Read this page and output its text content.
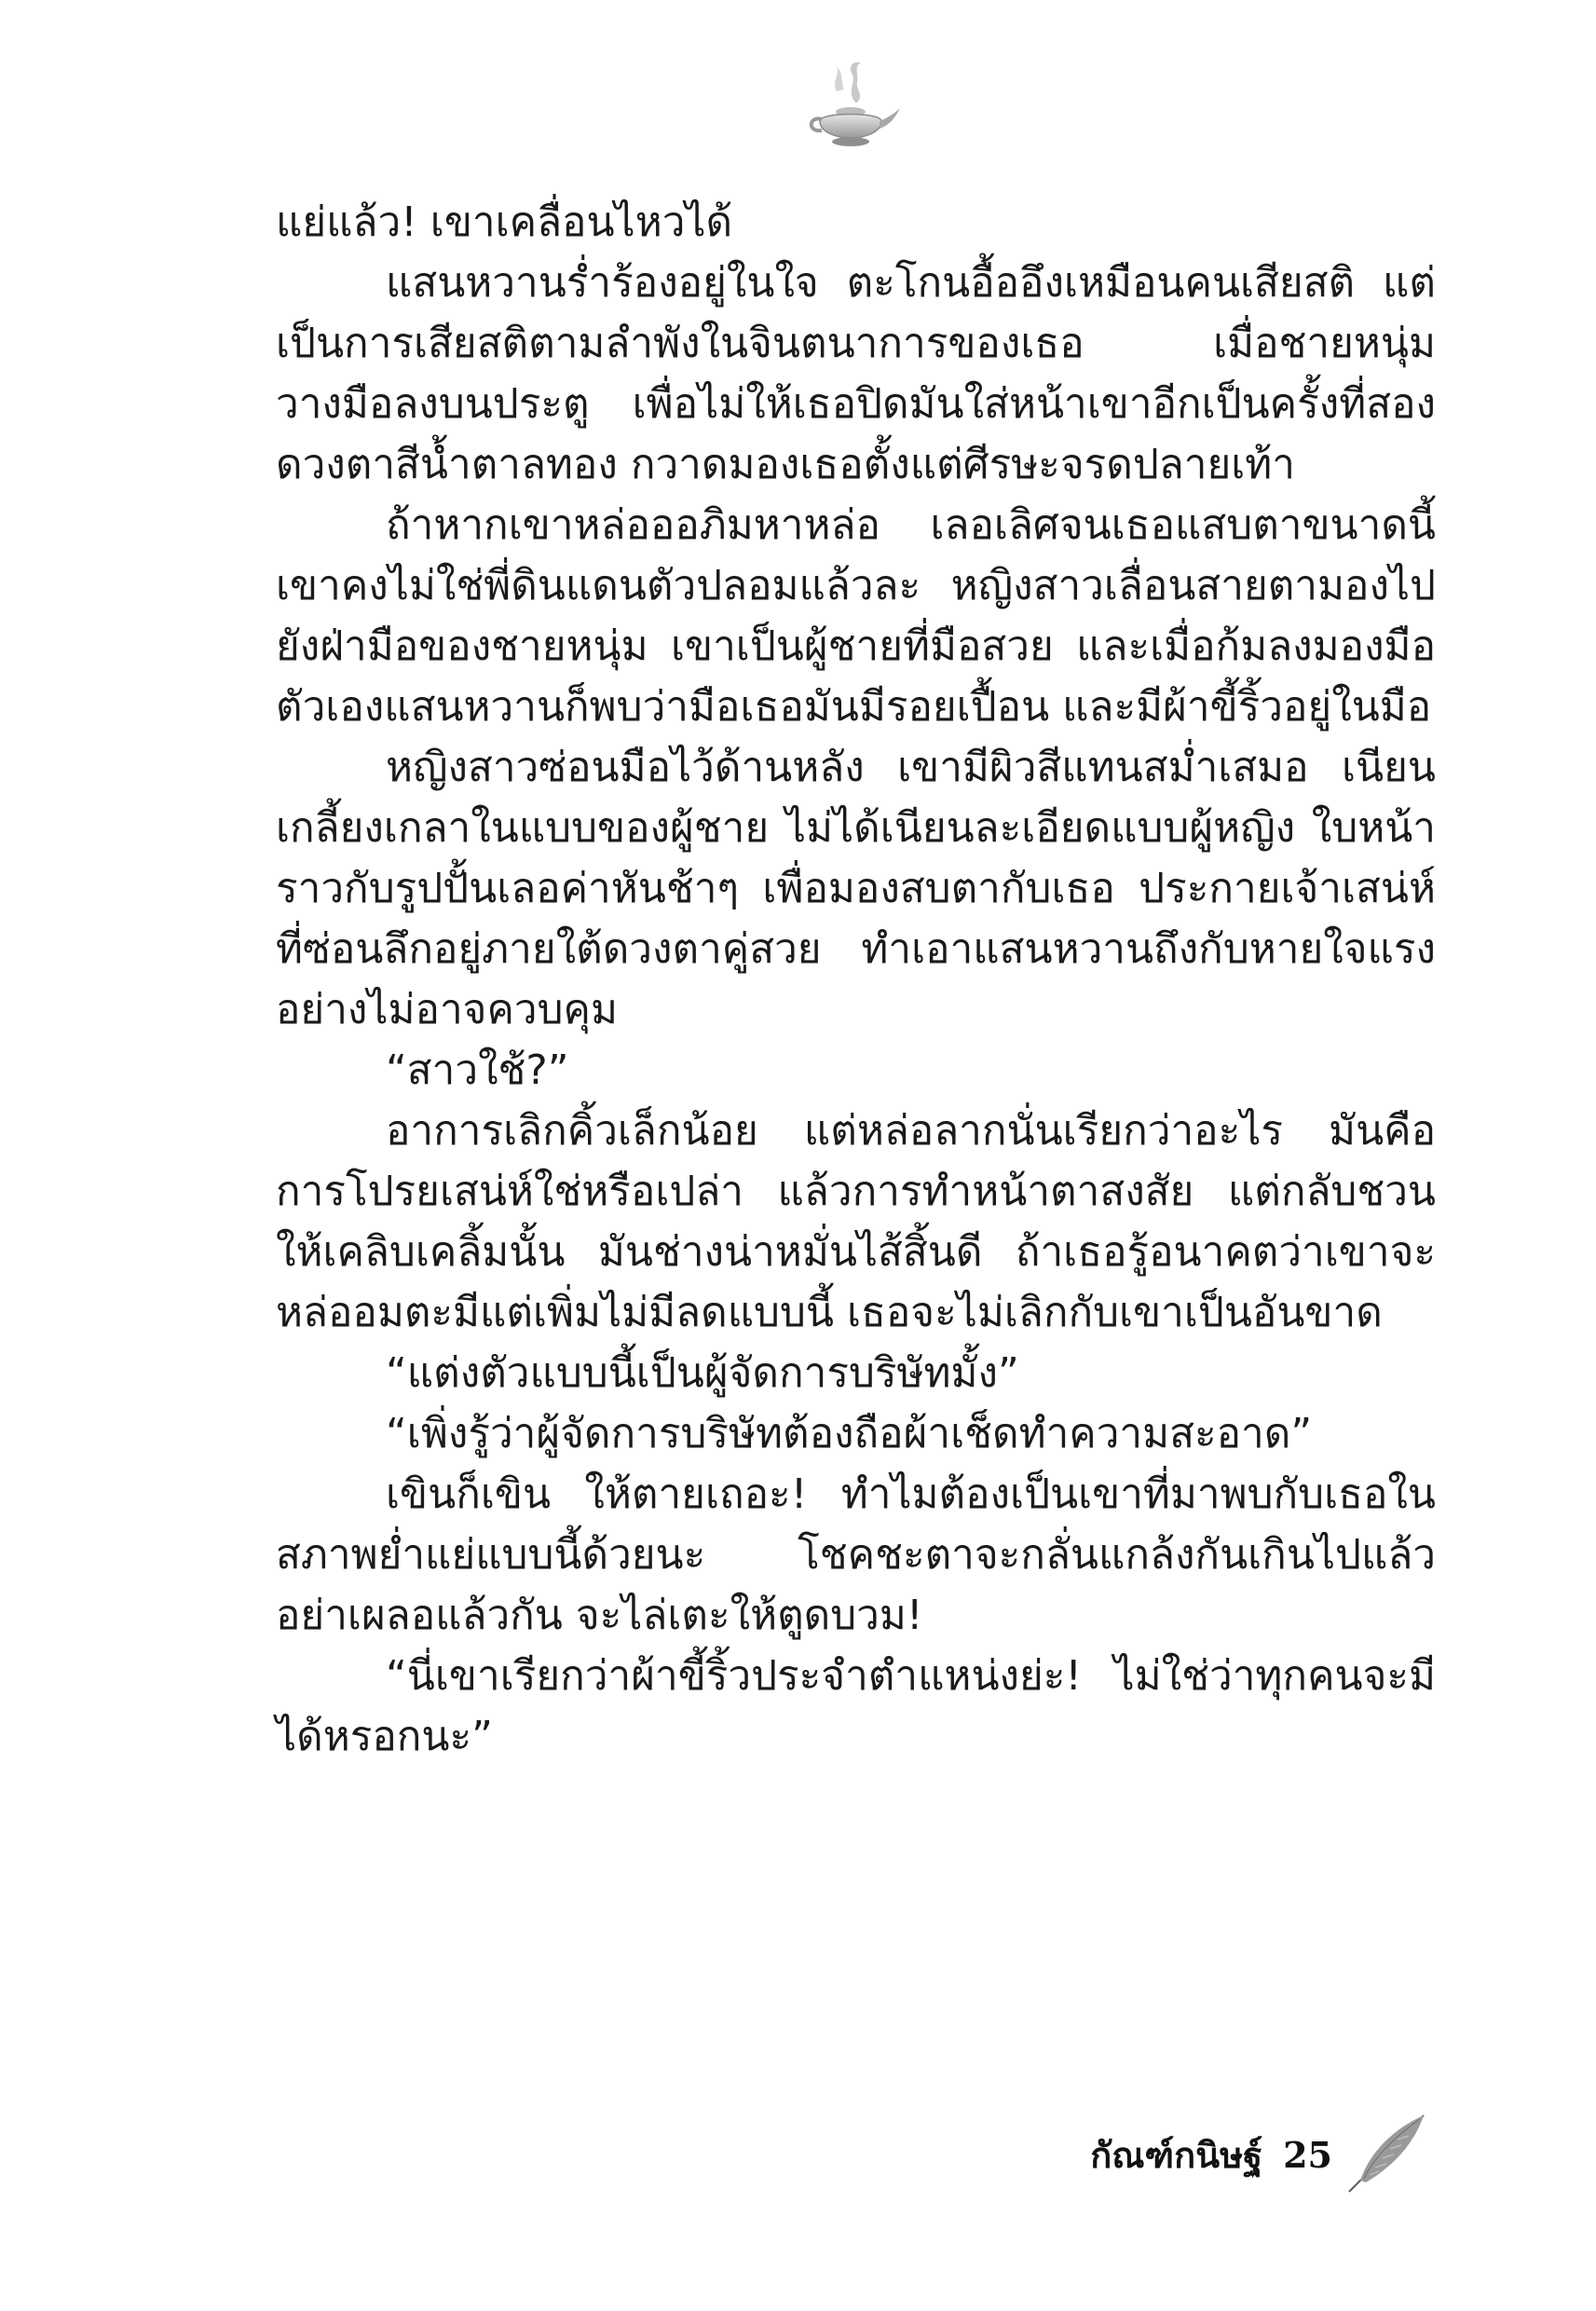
แย่แล้ว! เขาเคลื่อนไหวได้

แสนหวานร่ำร้องอยู่ในใจ ตะโกนอื้ออึงเหมือนคนเสียสติ แต่เป็นการเสียสติตามลำพังในจินตนาการของเธอ เมื่อชายหนุ่มวางมือลงบนประตู เพื่อไม่ให้เธอปิดมันใส่หน้าเขาอีกเป็นครั้งที่สอง ดวงตาสีน้ำตาลทอง กวาดมองเธอตั้งแต่ศีรษะจรดปลายเท้า

ถ้าหากเขาหล่อออภิมหาหล่อ เลอเลิศจนเธอแสบตาขนาดนี้ เขาคงไม่ใช่พี่ดินแดนตัวปลอมแล้วละ หญิงสาวเลื่อนสายตามองไปยังฝ่ามือของชายหนุ่ม เขาเป็นผู้ชายที่มือสวย และเมื่อก้มลงมองมือตัวเองแสนหวานก็พบว่ามือเธอมันมีรอยเปื้อน และมีผ้าขี้ริ้วอยู่ในมือ

หญิงสาวซ่อนมือไว้ด้านหลัง เขามีผิวสีแทนสม่ำเสมอ เนียนเกลี้ยงเกลาในแบบของผู้ชาย ไม่ได้เนียนละเอียดแบบผู้หญิง ใบหน้าราวกับรูปปั้นเลอค่าหันช้าๆ เพื่อมองสบตากับเธอ ประกายเจ้าเสน่ห์ที่ซ่อนลึกอยู่ภายใต้ดวงตาคู่สวย ทำเอาแสนหวานถึงกับหายใจแรงอย่างไม่อาจควบคุม

“สาวใช้?”

อาการเลิกคิ้วเล็กน้อย แต่หล่อลากนั่นเรียกว่าอะไร มันคือการโปรยเสน่ห์ใช่หรือเปล่า แล้วการทำหน้าตาสงสัย แต่กลับชวนให้เคลิบเคลิ้มนั้น มันช่างน่าหมั่นไส้สิ้นดี ถ้าเธอรู้อนาคตว่าเขาจะหล่ออมตะมีแต่เพิ่มไม่มีลดแบบนี้ เธอจะไม่เลิกกับเขาเป็นอันขาด

“แต่งตัวแบบนี้เป็นผู้จัดการบริษัทมั้ง”

“เพิ่งรู้ว่าผู้จัดการบริษัทต้องถือผ้าเช็ดทำความสะอาด”

เขินก็เขิน ให้ตายเถอะ! ทำไมต้องเป็นเขาที่มาพบกับเธอในสภาพย่ำแย่แบบนี้ด้วยนะ โชคชะตาจะกลั่นแกล้งกันเกินไปแล้ว อย่าเผลอแล้วกัน จะไล่เตะให้ตูดบวม!

“นี่เขาเรียกว่าผ้าขี้ริ้วประจำตำแหน่งย่ะ! ไม่ใช่ว่าทุกคนจะมีได้หรอกนะ”

กัณฑ์กนิษฐ์ 25
